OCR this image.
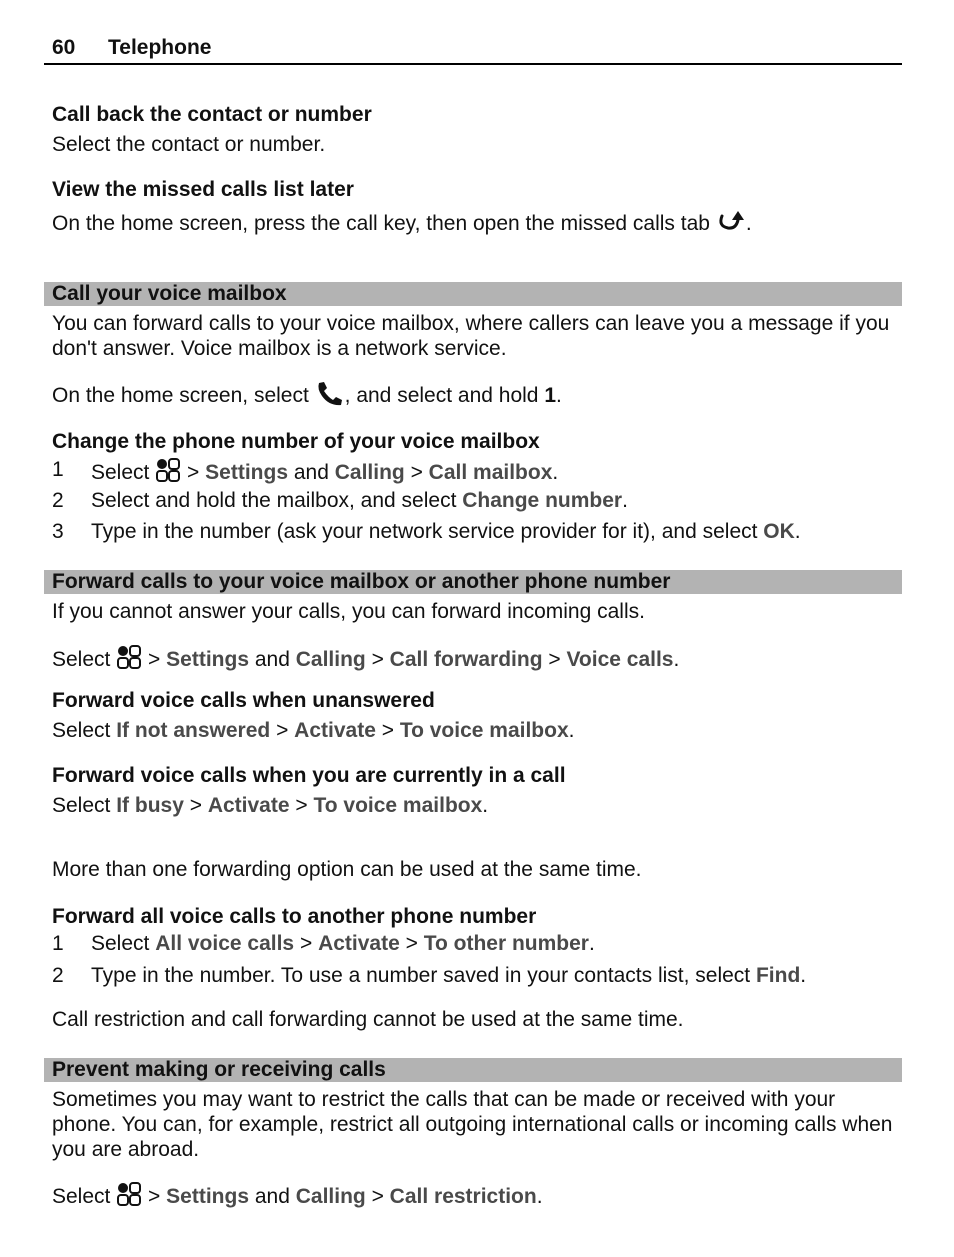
60 Telephone
Call back the contact or number
Select the contact or number.
View the missed calls list later
On the home screen, press the call key, then open the missed calls tab .
Call your voice mailbox
You can forward calls to your voice mailbox, where callers can leave you a message if you don't answer. Voice mailbox is a network service.
On the home screen, select , and select and hold 1.
Change the phone number of your voice mailbox
1 Select  > Settings and Calling > Call mailbox.
2 Select and hold the mailbox, and select Change number.
3 Type in the number (ask your network service provider for it), and select OK.
Forward calls to your voice mailbox or another phone number
If you cannot answer your calls, you can forward incoming calls.
Select  > Settings and Calling > Call forwarding > Voice calls.
Forward voice calls when unanswered
Select If not answered > Activate > To voice mailbox.
Forward voice calls when you are currently in a call
Select If busy > Activate > To voice mailbox.
More than one forwarding option can be used at the same time.
Forward all voice calls to another phone number
1 Select All voice calls > Activate > To other number.
2 Type in the number. To use a number saved in your contacts list, select Find.
Call restriction and call forwarding cannot be used at the same time.
Prevent making or receiving calls
Sometimes you may want to restrict the calls that can be made or received with your phone. You can, for example, restrict all outgoing international calls or incoming calls when you are abroad.
Select  > Settings and Calling > Call restriction.
